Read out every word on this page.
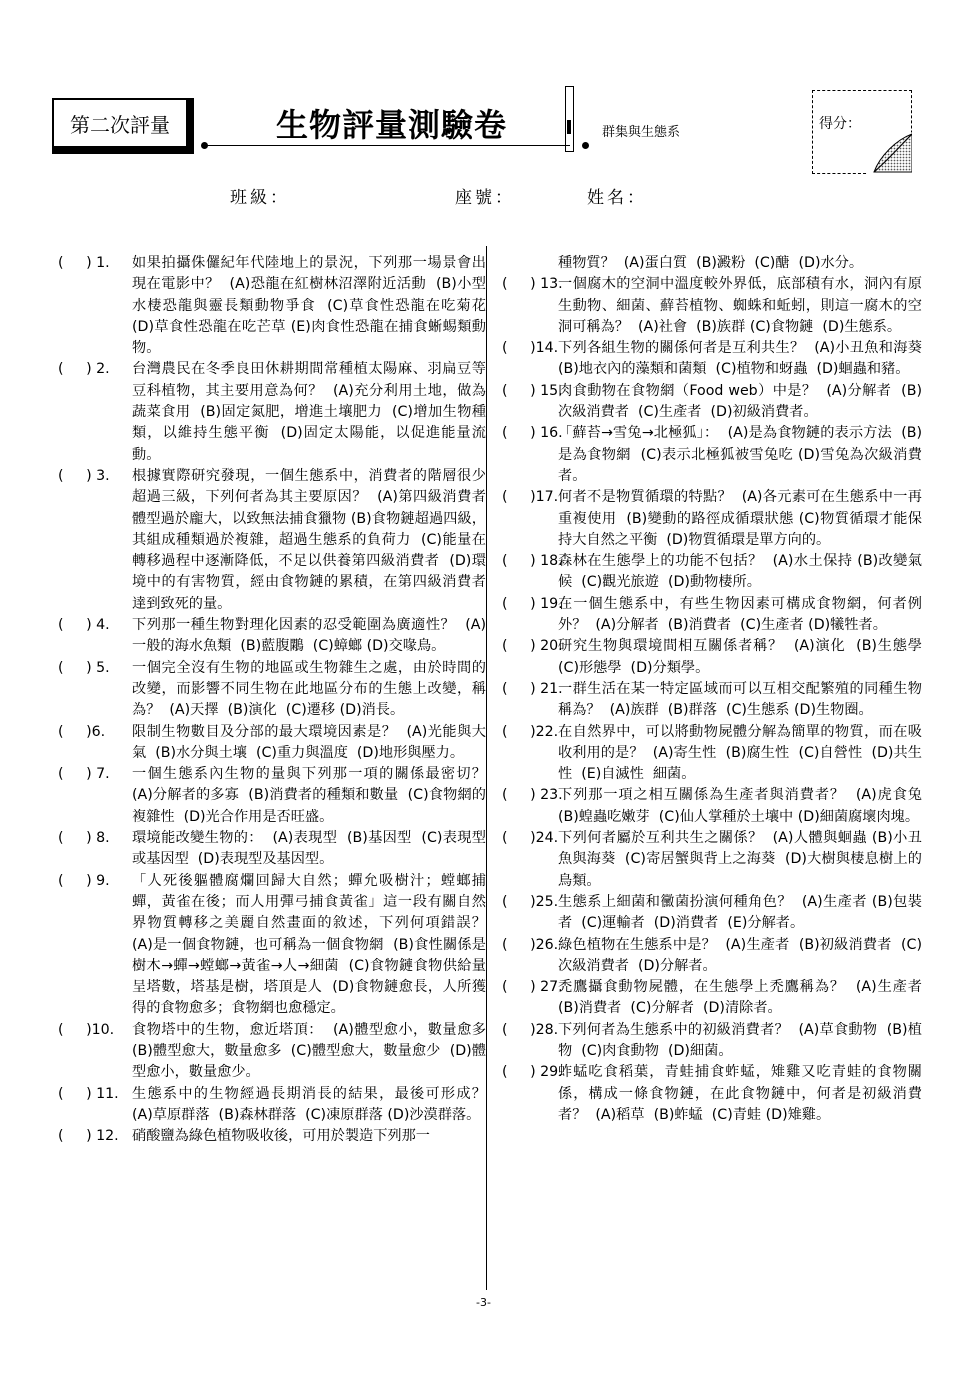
第二次評量	生物評量測驗卷	群集與生態系
得分：
班級：	座號：	姓名：
(     ) 1.	如果拍攝侏儸紀年代陸地上的景況，下列那一場景會出現在電影中？  (A)恐龍在紅樹林沼澤附近活動  (B)小型水棲恐龍與靈長類動物爭食  (C)草食性恐龍在吃菊花  (D)草食性恐龍在吃芒草 (E)肉食性恐龍在捕食蜥蜴類動物。
(     ) 2.	台灣農民在冬季良田休耕期間常種植太陽麻、羽扁豆等豆科植物，其主要用意為何？  (A)充分利用土地，做為蔬菜食用  (B)固定氮肥，增進土壤肥力  (C)增加生物種類，以維持生態平衡  (D)固定太陽能，以促進能量流動。
(     ) 3.	根據實際研究發現，一個生態系中，消費者的階層很少超過三級，下列何者為其主要原因？  (A)第四級消費者體型過於龐大，以致無法捕食獵物 (B)食物鏈超過四級，其組成種類過於複雜，超過生態系的負荷力  (C)能量在轉移過程中逐漸降低，不足以供養第四級消費者  (D)環境中的有害物質，經由食物鏈的累積，在第四級消費者達到致死的量。
(     ) 4.	下列那一種生物對理化因素的忍受範圍為廣適性？  (A)一般的海水魚類  (B)藍腹鷴  (C)蟑螂 (D)交喙鳥。
(     ) 5.	一個完全沒有生物的地區或生物雜生之處，由於時間的改變，而影響不同生物在此地區分布的生態上改變，稱為？  (A)天擇  (B)演化  (C)遷移 (D)消長。
(     )6.	限制生物數目及分部的最大環境因素是？  (A)光能與大氣  (B)水分與土壤  (C)重力與溫度  (D)地形與壓力。
(     ) 7.	一個生態系內生物的量與下列那一項的關係最密切？  (A)分解者的多寡  (B)消費者的種類和數量  (C)食物網的複雜性  (D)光合作用是否旺盛。
(     ) 8.	環境能改變生物的：  (A)表現型  (B)基因型  (C)表現型或基因型  (D)表現型及基因型。
(     ) 9.	「人死後軀體腐爛回歸大自然；蟬允吸樹汁；螳螂捕蟬，黃雀在後；而人用彈弓捕食黃雀」這一段有關自然界物質轉移之美麗自然畫面的敘述，下列何項錯誤？  (A)是一個食物鏈，也可稱為一個食物網  (B)食性關係是樹木→蟬→螳螂→黃雀→人→細菌  (C)食物鏈食物供給量呈塔數，塔基是樹，塔頂是人  (D)食物鏈愈長，人所獲得的食物愈多；食物網也愈穩定。
(     )10.	食物塔中的生物，愈近塔頂：  (A)體型愈小，數量愈多  (B)體型愈大，數量愈多  (C)體型愈大，數量愈少  (D)體型愈小，數量愈少。
(     ) 11. 生態系中的生物經過長期消長的結果，最後可形成？  (A)草原群落  (B)森林群落  (C)凍原群落 (D)沙漠群落。
(     ) 12. 硝酸鹽為綠色植物吸收後，可用於製造下列那一
種物質？  (A)蛋白質  (B)澱粉  (C)醣  (D)水分。
(     ) 13.
一個腐木的空洞中溫度較外界低，底部積有水，洞內有原生動物、細菌、蘚苔植物、蜘蛛和蚯蚓，則這一腐木的空洞可稱為？  (A)社會  (B)族群 (C)食物鏈  (D)生態系。
(     )14. 下列各組生物的關係何者是互利共生？  (A)小丑魚和海葵  (B)地衣內的藻類和菌類  (C)植物和蚜蟲  (D)蛔蟲和豬。
(     ) 15.
肉食動物在食物網（Food web）中是？  (A)分解者  (B)次級消費者  (C)生產者  (D)初級消費者。
(     ) 16.
「蘚苔→雪兔→北極狐」：  (A)是為食物鏈的表示方法  (B)是為食物網  (C)表示北極狐被雪兔吃 (D)雪兔為次級消費者。
(     )17. 何者不是物質循環的特點？  (A)各元素可在生態系中一再重複使用  (B)變動的路徑成循環狀態 (C)物質循環才能保持大自然之平衡  (D)物質循環是單方向的。
(     ) 18.
森林在生態學上的功能不包括？  (A)水土保持 (B)改變氣候  (C)觀光旅遊  (D)動物棲所。
(     ) 19.
在一個生態系中，有些生物因素可構成食物網，何者例外？  (A)分解者  (B)消費者  (C)生產者 (D)犧牲者。
(     ) 20.
研究生物與環境間相互關係者稱？  (A)演化  (B)生態學  (C)形態學  (D)分類學。
(     ) 21.
一群生活在某一特定區域而可以互相交配繁殖的同種生物稱為？  (A)族群  (B)群落  (C)生態系 (D)生物圈。
(     )22. 在自然界中，可以將動物屍體分解為簡單的物質，而在吸收利用的是？  (A)寄生性  (B)腐生性  (C)自營性  (D)共生性  (E)自滅性  細菌。
(     ) 23.
下列那一項之相互關係為生產者與消費者？  (A)虎食兔  (B)蝗蟲吃嫩芽  (C)仙人掌種於土壤中 (D)細菌腐壞肉塊。
(     )24. 下列何者屬於互利共生之關係？  (A)人體與蛔蟲 (B)小丑魚與海葵  (C)寄居蟹與背上之海葵  (D)大樹與棲息樹上的鳥類。
(     )25. 生態系上細菌和黴菌扮演何種角色？  (A)生產者 (B)包裝者  (C)運輸者  (D)消費者  (E)分解者。
(     )26. 綠色植物在生態系中是？  (A)生產者  (B)初級消費者  (C)次級消費者  (D)分解者。
(     ) 27.
禿鷹攝食動物屍體，在生態學上禿鷹稱為？  (A)生產者  (B)消費者  (C)分解者  (D)清除者。
(     )28. 下列何者為生態系中的初級消費者？  (A)草食動物  (B)植物  (C)肉食動物  (D)細菌。
(     ) 29.
蚱蜢吃食稻葉，青蛙捕食蚱蜢，雉雞又吃青蛙的食物關係，構成一條食物鏈，在此食物鏈中，何者是初級消費者？  (A)稻草  (B)蚱蜢  (C)青蛙 (D)雉雞。
-3-
